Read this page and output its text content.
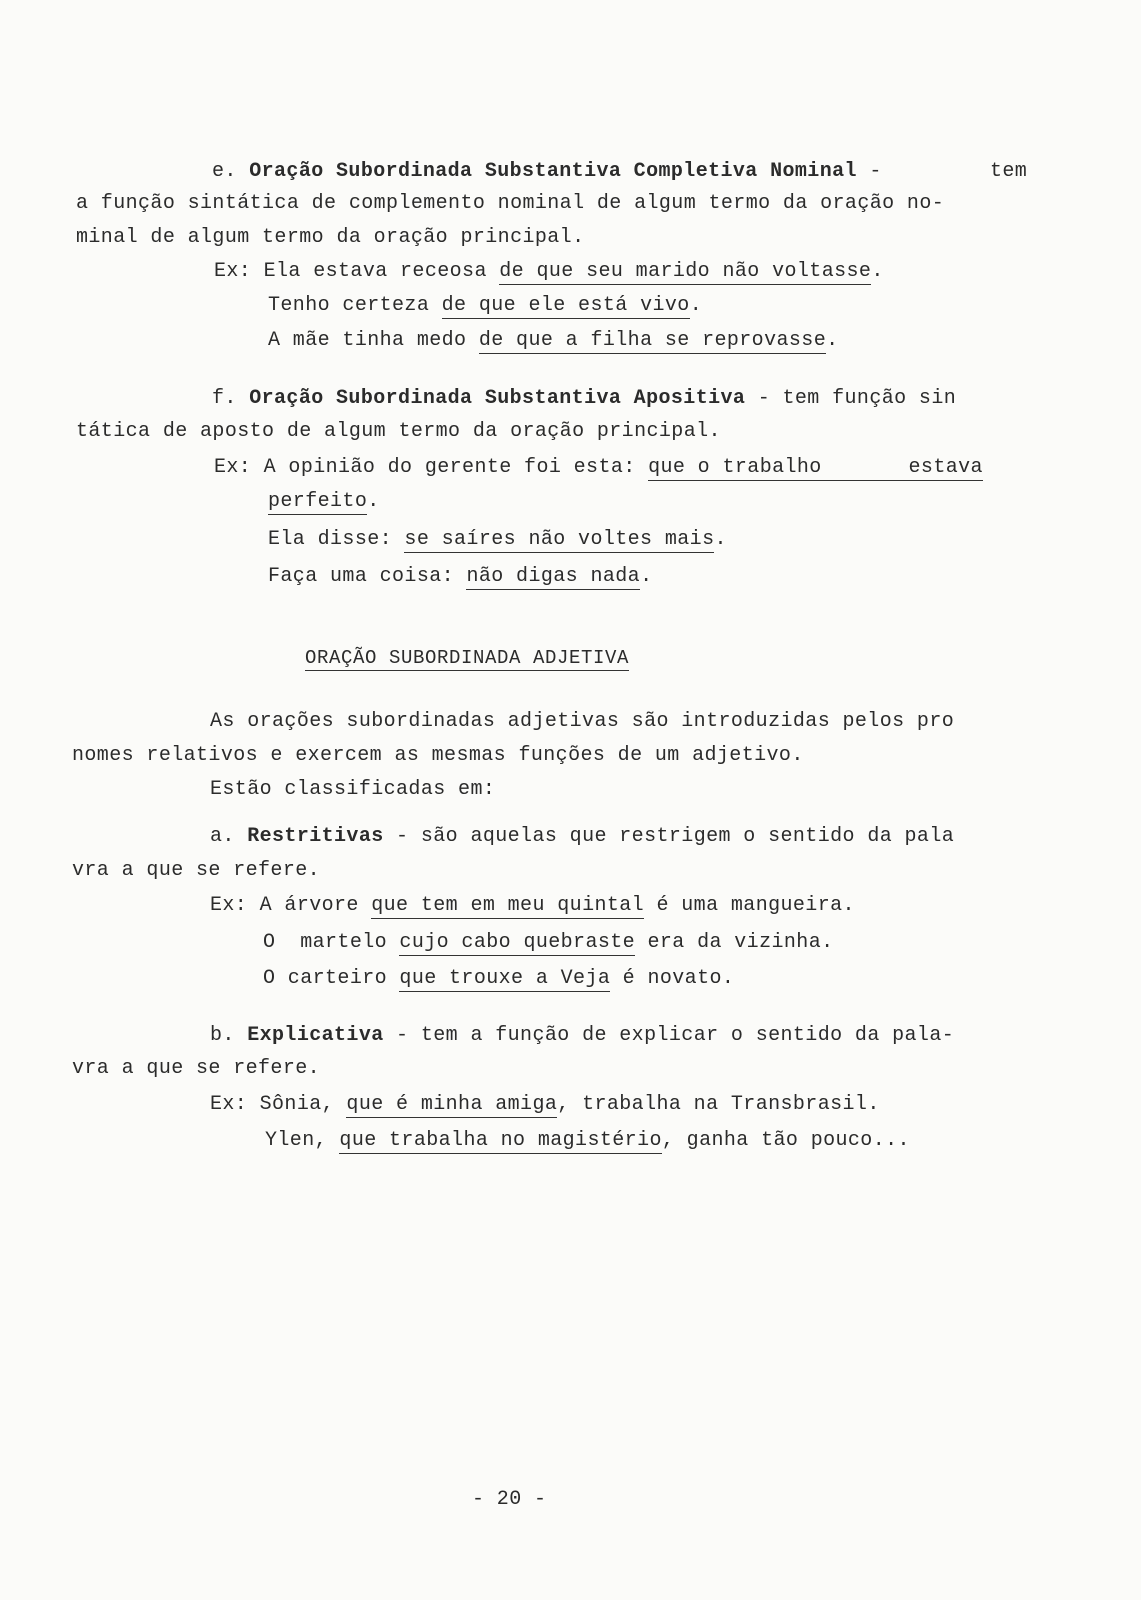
e. Oração Subordinada Substantiva Completiva Nominal -	tem
a função sintática de complemento nominal de algum termo da oração no-
minal de algum termo da oração principal.
Ex: Ela estava receosa de que seu marido não voltasse.
Tenho certeza de que ele está vivo.
A mãe tinha medo de que a filha se reprovasse.
f. Oração Subordinada Substantiva Apositiva - tem função sin
tática de aposto de algum termo da oração principal.
Ex: A opinião do gerente foi esta: que o trabalho       estava
perfeito.
Ela disse: se saíres não voltes mais.
Faça uma coisa: não digas nada.
ORAÇÃO SUBORDINADA ADJETIVA
As orações subordinadas adjetivas são introduzidas pelos pro
nomes relativos e exercem as mesmas funções de um adjetivo.
Estão classificadas em:
a. Restritivas - são aquelas que restrigem o sentido da pala
vra a que se refere.
Ex: A árvore que tem em meu quintal é uma mangueira.
O  martelo cujo cabo quebraste era da vizinha.
O carteiro que trouxe a Veja é novato.
b. Explicativa - tem a função de explicar o sentido da pala-
vra a que se refere.
Ex: Sônia, que é minha amiga, trabalha na Transbrasil.
Ylen, que trabalha no magistério, ganha tão pouco...
- 20 -
